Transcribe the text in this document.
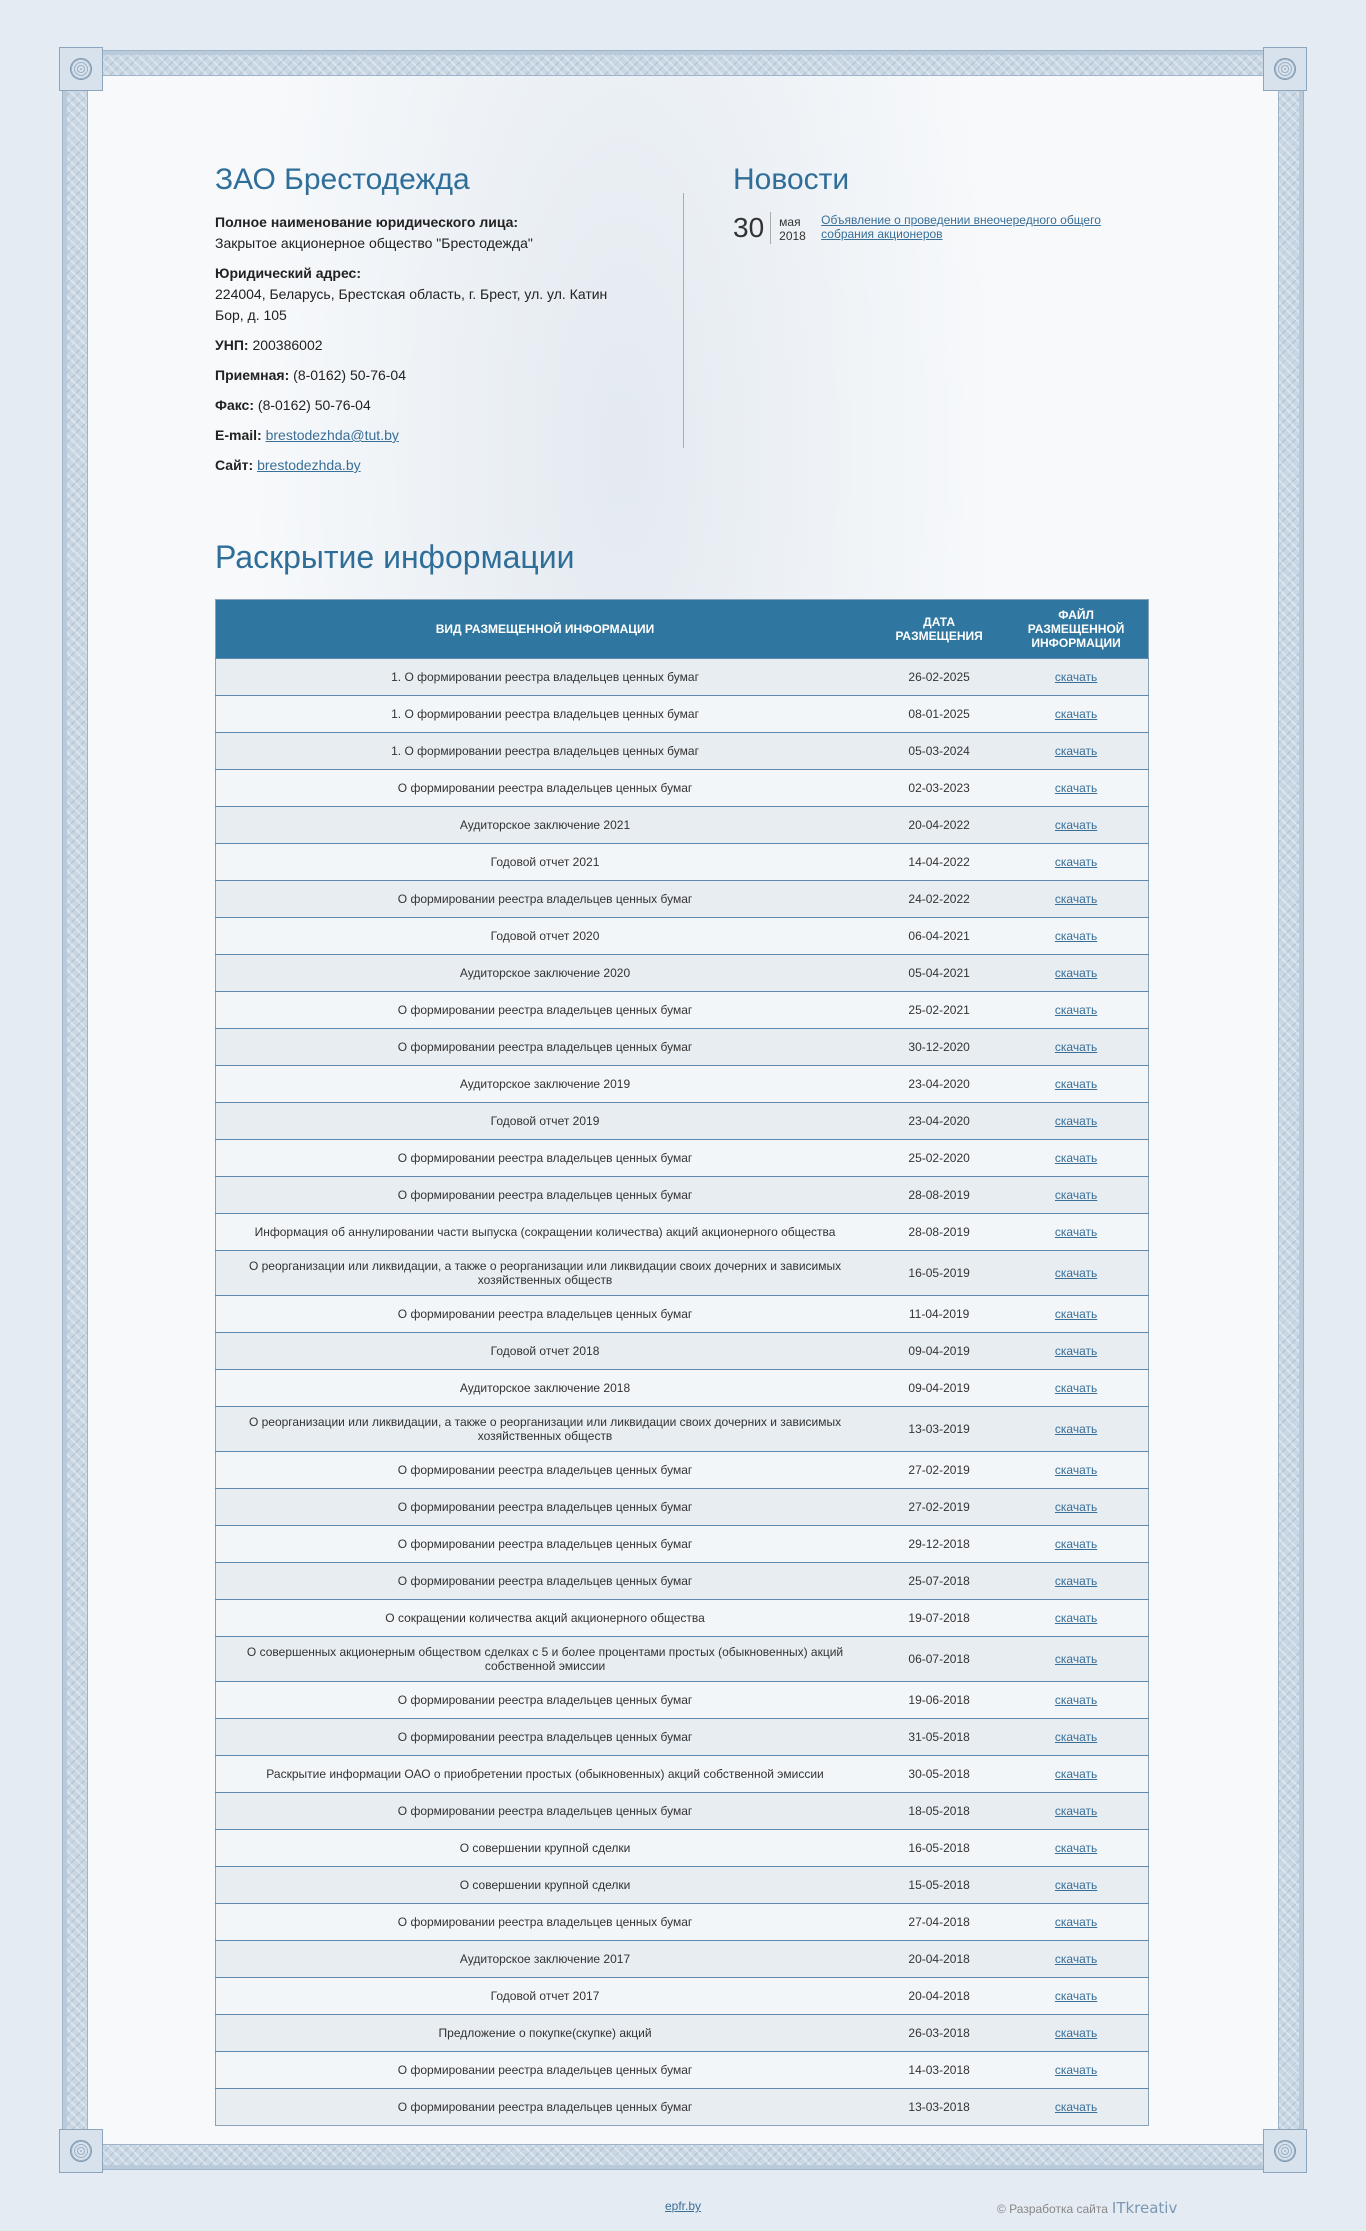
ЗАО Брестодежда
Полное наименование юридического лица:
Закрытое акционерное общество "Брестодежда"
Юридический адрес:
224004, Беларусь, Брестская область, г. Брест, ул. ул. Катин Бор, д. 105
УНП: 200386002
Приемная: (8-0162) 50-76-04
Факс: (8-0162) 50-76-04
E-mail: brestodezhda@tut.by
Сайт: brestodezhda.by
Новости
30	мая
2018
Объявление о проведении внеочередного общего собрания акционеров
Раскрытие информации
ВИД РАЗМЕЩЕННОЙ ИНФОРМАЦИИ	ДАТА РАЗМЕЩЕНИЯ	ФАЙЛ РАЗМЕЩЕННОЙ ИНФОРМАЦИИ
1. О формировании реестра владельцев ценных бумаг	26-02-2025	скачать
1. О формировании реестра владельцев ценных бумаг	08-01-2025	скачать
1. О формировании реестра владельцев ценных бумаг	05-03-2024	скачать
О формировании реестра владельцев ценных бумаг	02-03-2023	скачать
Аудиторское заключение 2021	20-04-2022	скачать
Годовой отчет 2021	14-04-2022	скачать
О формировании реестра владельцев ценных бумаг	24-02-2022	скачать
Годовой отчет 2020	06-04-2021	скачать
Аудиторское заключение 2020	05-04-2021	скачать
О формировании реестра владельцев ценных бумаг	25-02-2021	скачать
О формировании реестра владельцев ценных бумаг	30-12-2020	скачать
Аудиторское заключение 2019	23-04-2020	скачать
Годовой отчет 2019	23-04-2020	скачать
О формировании реестра владельцев ценных бумаг	25-02-2020	скачать
О формировании реестра владельцев ценных бумаг	28-08-2019	скачать
Информация об аннулировании части выпуска (сокращении количества) акций акционерного общества	28-08-2019	скачать
О реорганизации или ликвидации, а также о реорганизации или ликвидации своих дочерних и зависимых хозяйственных обществ	16-05-2019	скачать
О формировании реестра владельцев ценных бумаг	11-04-2019	скачать
Годовой отчет 2018	09-04-2019	скачать
Аудиторское заключение 2018	09-04-2019	скачать
О реорганизации или ликвидации, а также о реорганизации или ликвидации своих дочерних и зависимых хозяйственных обществ	13-03-2019	скачать
О формировании реестра владельцев ценных бумаг	27-02-2019	скачать
О формировании реестра владельцев ценных бумаг	27-02-2019	скачать
О формировании реестра владельцев ценных бумаг	29-12-2018	скачать
О формировании реестра владельцев ценных бумаг	25-07-2018	скачать
О сокращении количества акций акционерного общества	19-07-2018	скачать
О совершенных акционерным обществом сделках с 5 и более процентами простых (обыкновенных) акций собственной эмиссии	06-07-2018	скачать
О формировании реестра владельцев ценных бумаг	19-06-2018	скачать
О формировании реестра владельцев ценных бумаг	31-05-2018	скачать
Раскрытие информации ОАО о приобретении простых (обыкновенных) акций собственной эмиссии	30-05-2018	скачать
О формировании реестра владельцев ценных бумаг	18-05-2018	скачать
О совершении крупной сделки	16-05-2018	скачать
О совершении крупной сделки	15-05-2018	скачать
О формировании реестра владельцев ценных бумаг	27-04-2018	скачать
Аудиторское заключение 2017	20-04-2018	скачать
Годовой отчет 2017	20-04-2018	скачать
Предложение о покупке(скупке) акций	26-03-2018	скачать
О формировании реестра владельцев ценных бумаг	14-03-2018	скачать
О формировании реестра владельцев ценных бумаг	13-03-2018	скачать
epfr.by	© Разработка сайта ITkreativ
